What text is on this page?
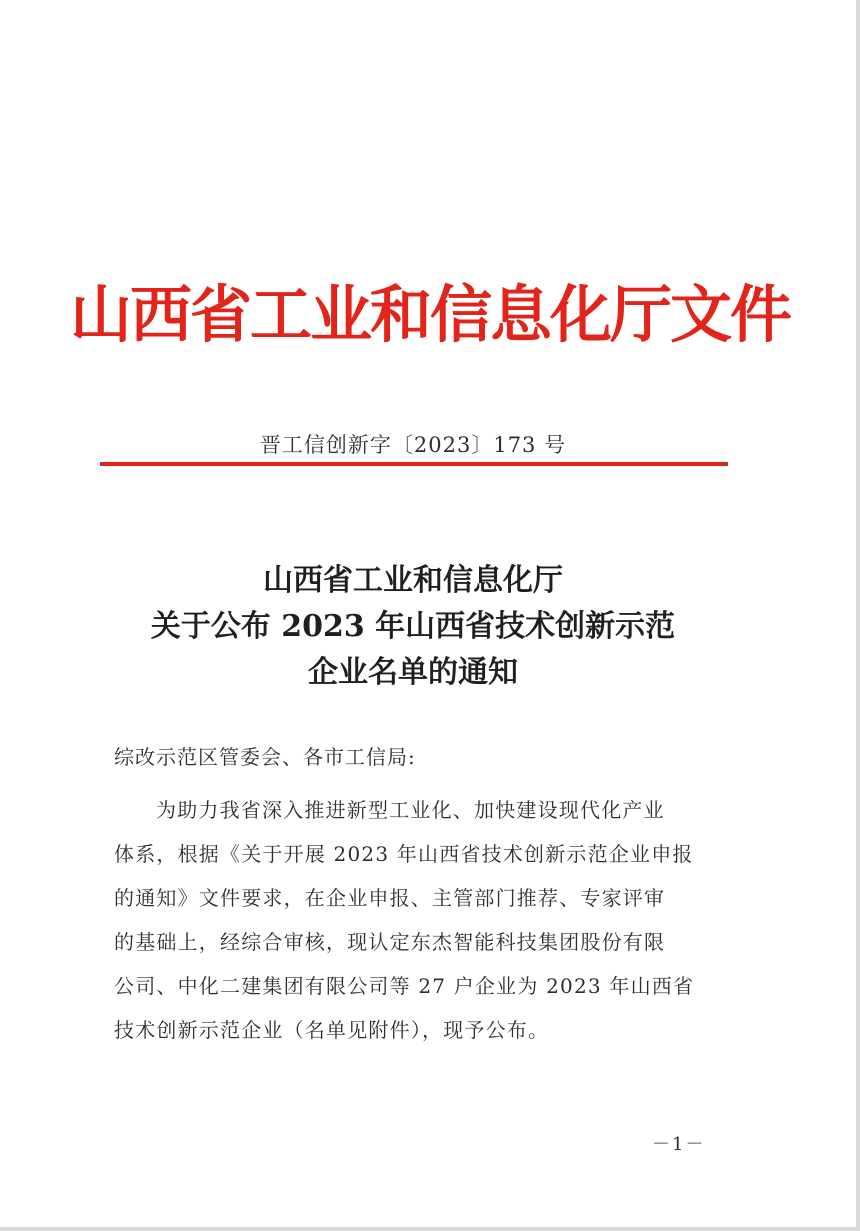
山西省工业和信息化厅文件
晋工信创新字〔2023〕173 号
山西省工业和信息化厅
关于公布 2023 年山西省技术创新示范
企业名单的通知
综改示范区管委会、各市工信局:
为助力我省深入推进新型工业化、加快建设现代化产业
体系，根据《关于开展 2023 年山西省技术创新示范企业申报
的通知》文件要求，在企业申报、主管部门推荐、专家评审
的基础上，经综合审核，现认定东杰智能科技集团股份有限
公司、中化二建集团有限公司等 27 户企业为 2023 年山西省
技术创新示范企业（名单见附件），现予公布。
－1－
